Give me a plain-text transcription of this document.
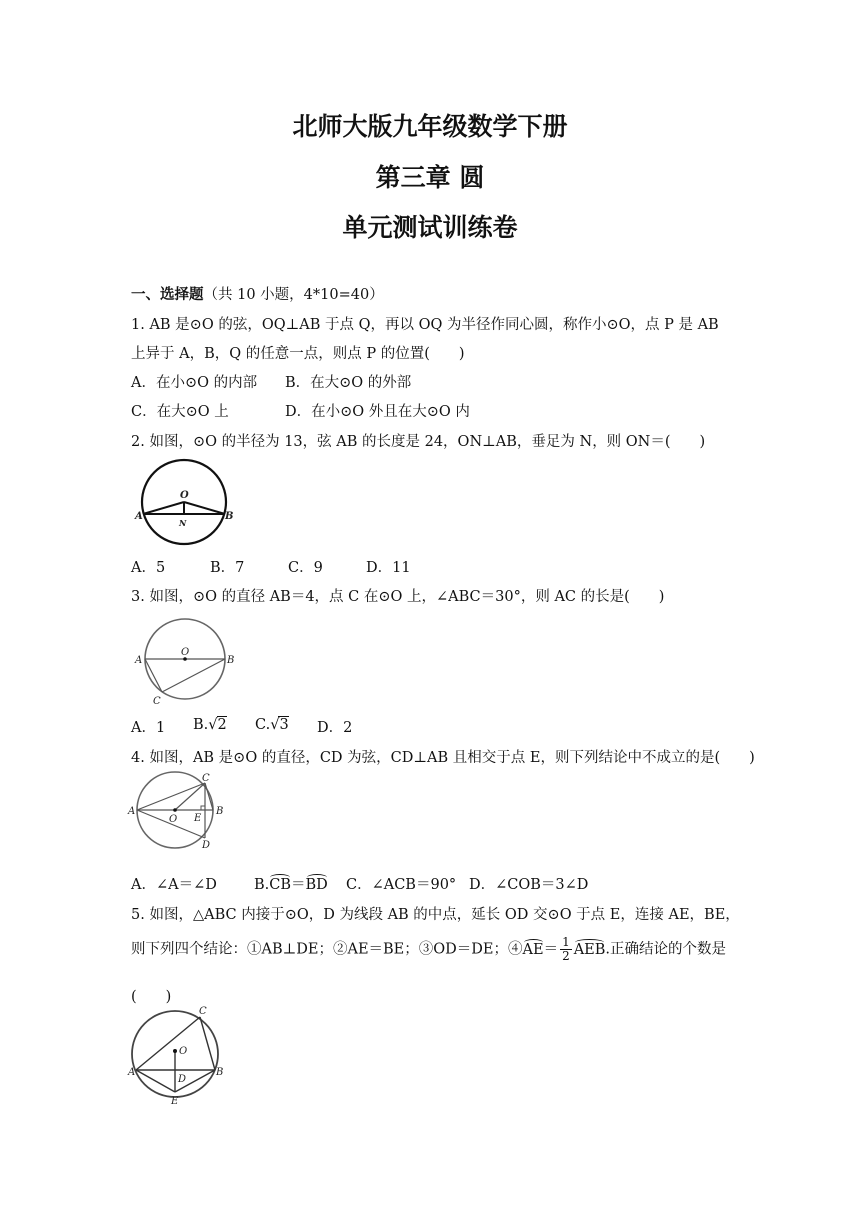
北师大版九年级数学下册
第三章 圆
单元测试训练卷
一、选择题（共 10 小题，4*10=40）
1. AB 是⊙O 的弦，OQ⊥AB 于点 Q，再以 OQ 为半径作同心圆，称作小⊙O，点 P 是 AB
上异于 A，B，Q 的任意一点，则点 P 的位置(　　)
A．在小⊙O 的内部 B．在大⊙O 的外部
C．在大⊙O 上	D．在小⊙O 外且在大⊙O 内
2. 如图，⊙O 的半径为 13，弦 AB 的长度是 24，ON⊥AB，垂足为 N，则 ON＝(　　)
O
A	B
N
A．5	B．7	C．9	D．11
3. 如图，⊙O 的直径 AB＝4，点 C 在⊙O 上，∠ABC＝30°，则 AC 的长是(　　)
O
A	B
C
A．1 B.√2 C.√3 D．2
4. 如图，AB 是⊙O 的直径，CD 为弦，CD⊥AB 且相交于点 E，则下列结论中不成立的是(　　)
A	B
C
D
O E
A．∠A＝∠D	B.CB＝BD C．∠ACB＝90° D．∠COB＝3∠D
5. 如图，△ABC 内接于⊙O，D 为线段 AB 的中点，延长 OD 交⊙O 于点 E，连接 AE，BE，
则下列四个结论：①AB⊥DE；②AE＝BE；③OD＝DE；④AE＝ $\frac{1}{2}$ AEB.正确结论的个数是
(　　)
O
A	B
C
D
E
